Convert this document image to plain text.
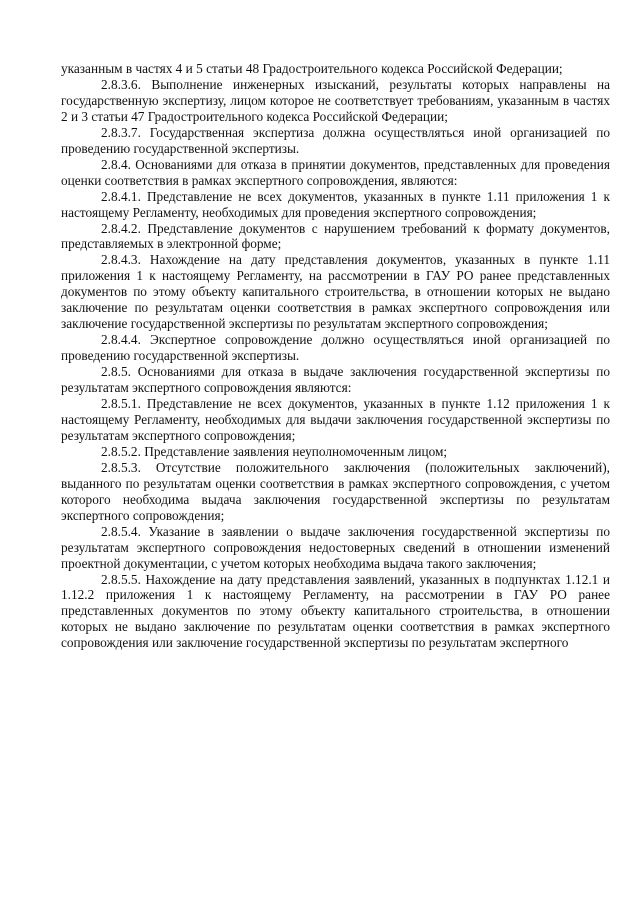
указанным в частях 4 и 5 статьи 48 Градостроительного кодекса Российской Федерации;

2.8.3.6. Выполнение инженерных изысканий, результаты которых направлены на государственную экспертизу, лицом которое не соответствует требованиям, указанным в частях 2 и 3 статьи 47 Градостроительного кодекса Российской Федерации;

2.8.3.7. Государственная экспертиза должна осуществляться иной организацией по проведению государственной экспертизы.

2.8.4. Основаниями для отказа в принятии документов, представленных для проведения оценки соответствия в рамках экспертного сопровождения, являются:

2.8.4.1. Представление не всех документов, указанных в пункте 1.11 приложения 1 к настоящему Регламенту, необходимых для проведения экспертного сопровождения;

2.8.4.2. Представление документов с нарушением требований к формату документов, представляемых в электронной форме;

2.8.4.3. Нахождение на дату представления документов, указанных в пункте 1.11 приложения 1 к настоящему Регламенту, на рассмотрении в ГАУ РО ранее представленных документов по этому объекту капитального строительства, в отношении которых не выдано заключение по результатам оценки соответствия в рамках экспертного сопровождения или заключение государственной экспертизы по результатам экспертного сопровождения;

2.8.4.4. Экспертное сопровождение должно осуществляться иной организацией по проведению государственной экспертизы.

2.8.5. Основаниями для отказа в выдаче заключения государственной экспертизы по результатам экспертного сопровождения являются:

2.8.5.1. Представление не всех документов, указанных в пункте 1.12 приложения 1 к настоящему Регламенту, необходимых для выдачи заключения государственной экспертизы по результатам экспертного сопровождения;

2.8.5.2. Представление заявления неуполномоченным лицом;

2.8.5.3. Отсутствие положительного заключения (положительных заключений), выданного по результатам оценки соответствия в рамках экспертного сопровождения, с учетом которого необходима выдача заключения государственной экспертизы по результатам экспертного сопровождения;

2.8.5.4. Указание в заявлении о выдаче заключения государственной экспертизы по результатам экспертного сопровождения недостоверных сведений в отношении изменений проектной документации, с учетом которых необходима выдача такого заключения;

2.8.5.5. Нахождение на дату представления заявлений, указанных в подпунктах 1.12.1 и 1.12.2 приложения 1 к настоящему Регламенту, на рассмотрении в ГАУ РО ранее представленных документов по этому объекту капитального строительства, в отношении которых не выдано заключение по результатам оценки соответствия в рамках экспертного сопровождения или заключение государственной экспертизы по результатам экспертного
